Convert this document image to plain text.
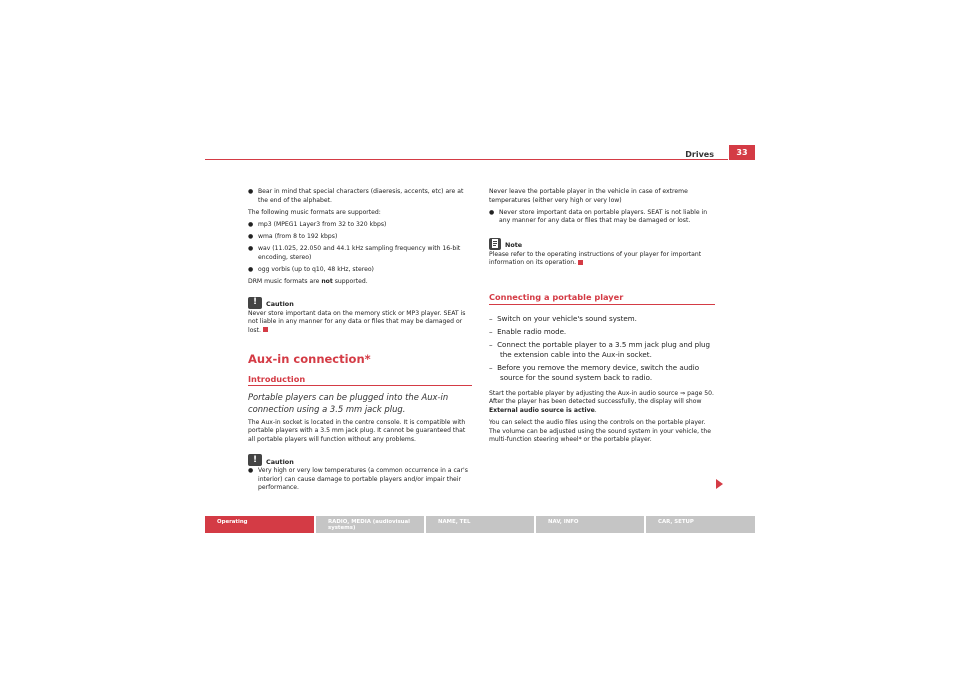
Drives	33

● Bear in mind that special characters (diaeresis, accents, etc) are at the end of the alphabet.

The following music formats are supported:

● mp3 (MPEG1 Layer3 from 32 to 320 kbps)

● wma (from 8 to 192 kbps)

● wav (11.025, 22.050 and 44.1 kHz sampling frequency with 16-bit encoding, stereo)

● ogg vorbis (up to q10, 48 kHz, stereo)

DRM music formats are not supported.

!	Caution

Never store important data on the memory stick or MP3 player. SEAT is not liable in any manner for any data or files that may be damaged or lost.

Aux-in connection*
Introduction

Portable players can be plugged into the Aux-in connection using a 3.5 mm jack plug.

The Aux-in socket is located in the centre console. It is compatible with portable players with a 3.5 mm jack plug. It cannot be guaranteed that all portable players will function without any problems.

!	Caution

● Very high or very low temperatures (a common occurrence in a car's interior) can cause damage to portable players and/or impair their performance.

Never leave the portable player in the vehicle in case of extreme temperatures (either very high or very low)

● Never store important data on portable players. SEAT is not liable in any manner for any data or files that may be damaged or lost.

Note

Please refer to the operating instructions of your player for important information on its operation.

Connecting a portable player

–  Switch on your vehicle's sound system.

–  Enable radio mode.

–  Connect the portable player to a 3.5 mm jack plug and plug the extension cable into the Aux-in socket.

–  Before you remove the memory device, switch the audio source for the sound system back to radio.

Start the portable player by adjusting the Aux-in audio source ⇒ page 50. After the player has been detected successfully, the display will show External audio source is active.

You can select the audio files using the controls on the portable player. The volume can be adjusted using the sound system in your vehicle, the multi-function steering wheel* or the portable player.

Operating	RADIO, MEDIA (audiovisual systems)
NAME, TEL	NAV, INFO	CAR, SETUP
